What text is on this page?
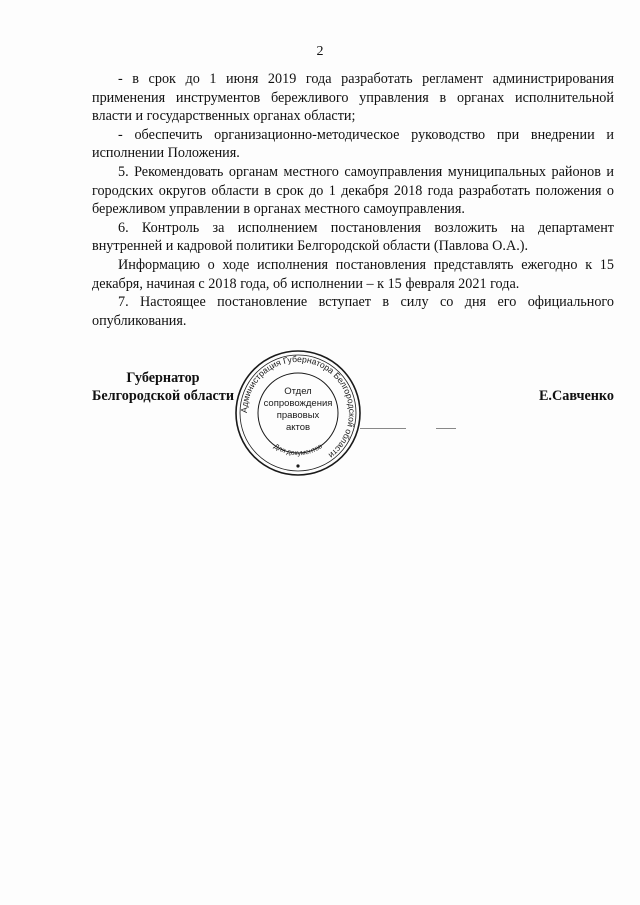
2

- в срок до 1 июня 2019 года разработать регламент администрирования применения инструментов бережливого управления в органах исполнительной власти и государственных органах области;

- обеспечить организационно-методическое руководство при внедрении и исполнении Положения.

5. Рекомендовать органам местного самоуправления муниципальных районов и городских округов области в срок до 1 декабря 2018 года разработать положения о бережливом управлении в органах местного самоуправления.

6. Контроль за исполнением постановления возложить на департамент внутренней и кадровой политики Белгородской области (Павлова О.А.).

Информацию о ходе исполнения постановления представлять ежегодно к 15 декабря, начиная с 2018 года, об исполнении – к 15 февраля 2021 года.

7. Настоящее постановление вступает в силу со дня его официального опубликования.

Губернатор
Белгородской области	Е.Савченко
Администрация Губернатора Белгородской области
Отдел
сопровождения
правовых
актов
Для документов
